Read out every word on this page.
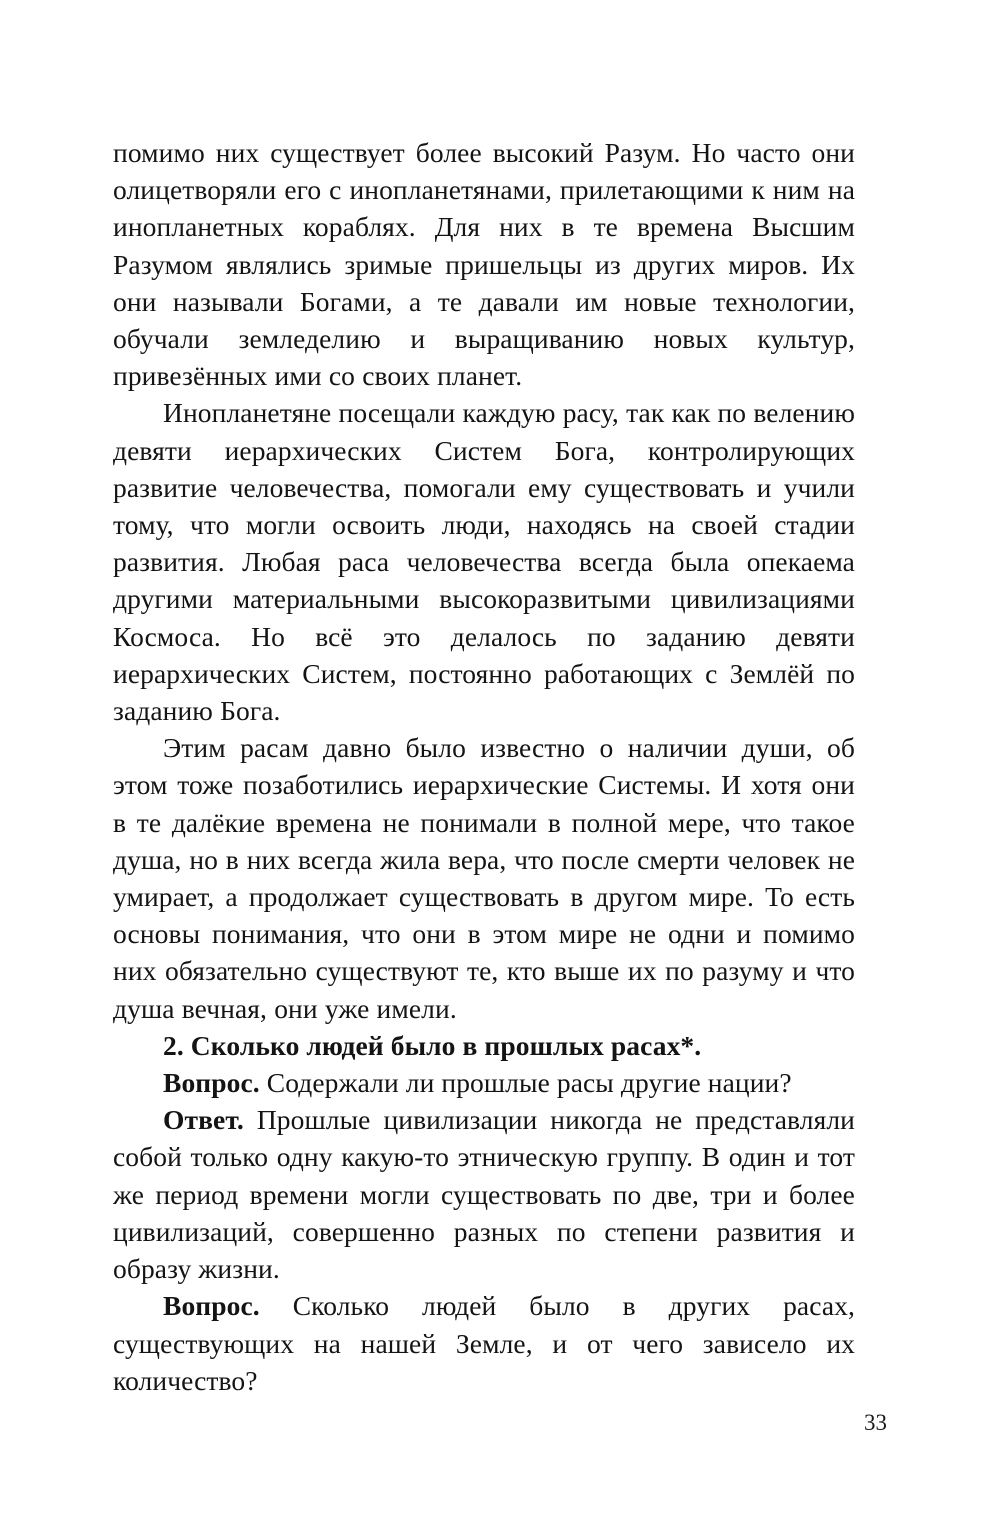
помимо них существует более высокий Разум. Но часто они олицетворяли его с инопланетянами, прилетающими к ним на инопланетных кораблях. Для них в те времена Высшим Разумом являлись зримые пришельцы из других миров. Их они называли Богами, а те давали им новые технологии, обучали земледелию и выращиванию новых культур, привезённых ими со своих планет.

Инопланетяне посещали каждую расу, так как по велению девяти иерархических Систем Бога, контролирующих развитие человечества, помогали ему существовать и учили тому, что могли освоить люди, находясь на своей стадии развития. Любая раса человечества всегда была опекаема другими материальными высокоразвитыми цивилизациями Космоса. Но всё это делалось по заданию девяти иерархических Систем, постоянно работающих с Землёй по заданию Бога.

Этим расам давно было известно о наличии души, об этом тоже позаботились иерархические Системы. И хотя они в те далёкие времена не понимали в полной мере, что такое душа, но в них всегда жила вера, что после смерти человек не умирает, а продолжает существовать в другом мире. То есть основы понимания, что они в этом мире не одни и помимо них обязательно существуют те, кто выше их по разуму и что душа вечная, они уже имели.

2. Сколько людей было в прошлых расах*.

Вопрос. Содержали ли прошлые расы другие нации?

Ответ. Прошлые цивилизации никогда не представляли собой только одну какую-то этническую группу. В один и тот же период времени могли существовать по две, три и более цивилизаций, совершенно разных по степени развития и образу жизни.

Вопрос. Сколько людей было в других расах, существующих на нашей Земле, и от чего зависело их количество?

33
